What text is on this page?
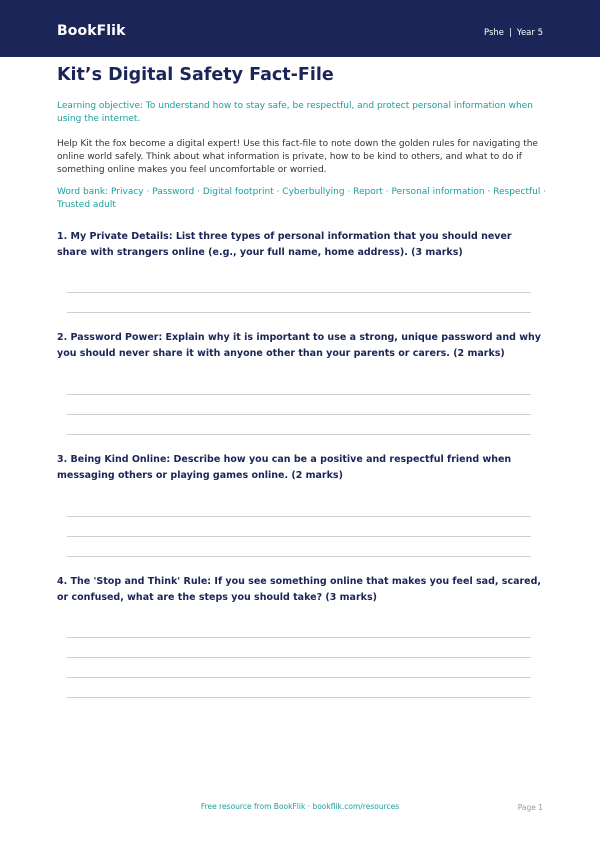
BookFlik	Pshe | Year 5
Kit’s Digital Safety Fact-File
Learning objective: To understand how to stay safe, be respectful, and protect personal information when using the internet.
Help Kit the fox become a digital expert! Use this fact-file to note down the golden rules for navigating the online world safely. Think about what information is private, how to be kind to others, and what to do if something online makes you feel uncomfortable or worried.
Word bank: Privacy · Password · Digital footprint · Cyberbullying · Report · Personal information · Respectful · Trusted adult
1. My Private Details: List three types of personal information that you should never share with strangers online (e.g., your full name, home address). (3 marks)
2. Password Power: Explain why it is important to use a strong, unique password and why you should never share it with anyone other than your parents or carers. (2 marks)
3. Being Kind Online: Describe how you can be a positive and respectful friend when messaging others or playing games online. (2 marks)
4. The 'Stop and Think' Rule: If you see something online that makes you feel sad, scared, or confused, what are the steps you should take? (3 marks)
Free resource from BookFlik · bookflik.com/resources	Page 1
